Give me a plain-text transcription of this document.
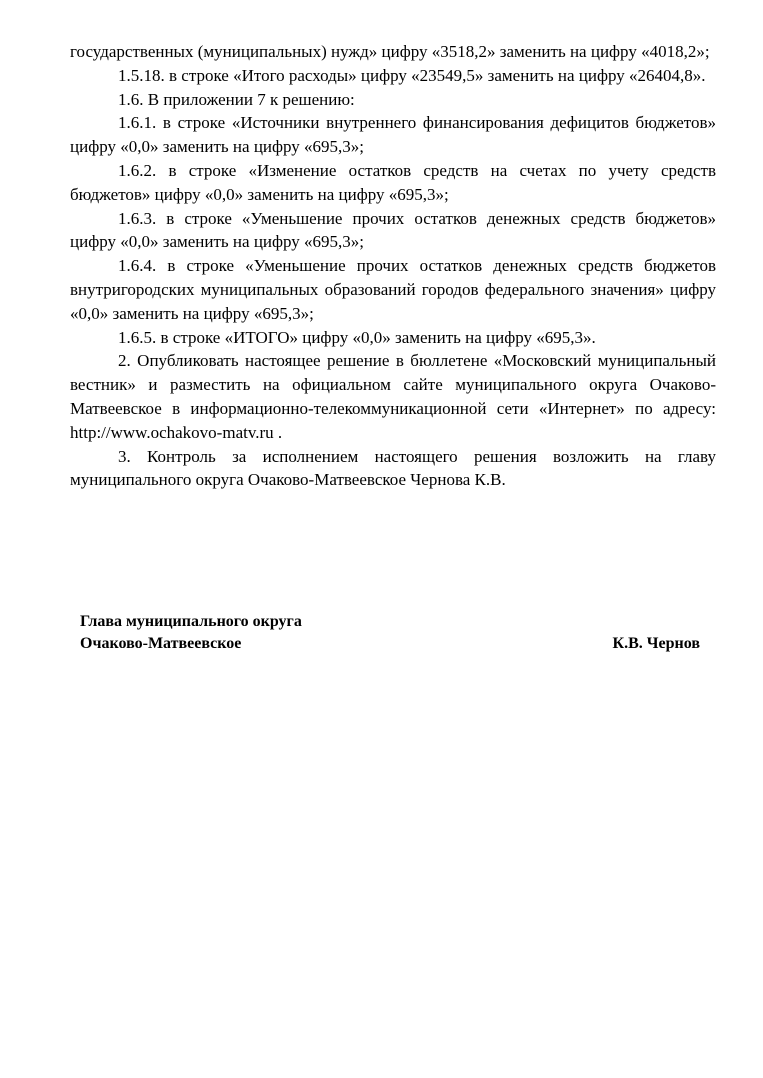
государственных (муниципальных) нужд» цифру «3518,2» заменить на цифру «4018,2»;

1.5.18. в строке «Итого расходы» цифру «23549,5» заменить на цифру «26404,8».

1.6. В приложении 7 к решению:

1.6.1. в строке «Источники внутреннего финансирования дефицитов бюджетов» цифру «0,0» заменить на цифру «695,3»;

1.6.2. в строке «Изменение остатков средств на счетах по учету средств бюджетов» цифру «0,0» заменить на цифру «695,3»;

1.6.3. в строке «Уменьшение прочих остатков денежных средств бюджетов» цифру «0,0» заменить на цифру «695,3»;

1.6.4. в строке «Уменьшение прочих остатков денежных средств бюджетов внутригородских муниципальных образований городов федерального значения» цифру «0,0» заменить на цифру «695,3»;

1.6.5. в строке «ИТОГО» цифру «0,0» заменить на цифру «695,3».

2. Опубликовать настоящее решение в бюллетене «Московский муниципальный вестник» и разместить на официальном сайте муниципального округа Очаково-Матвеевское в информационно-телекоммуникационной сети «Интернет» по адресу: http://www.ochakovo-matv.ru .

3. Контроль за исполнением настоящего решения возложить на главу муниципального округа Очаково-Матвеевское Чернова К.В.

Глава муниципального округа
Очаково-Матвеевское	К.В. Чернов
